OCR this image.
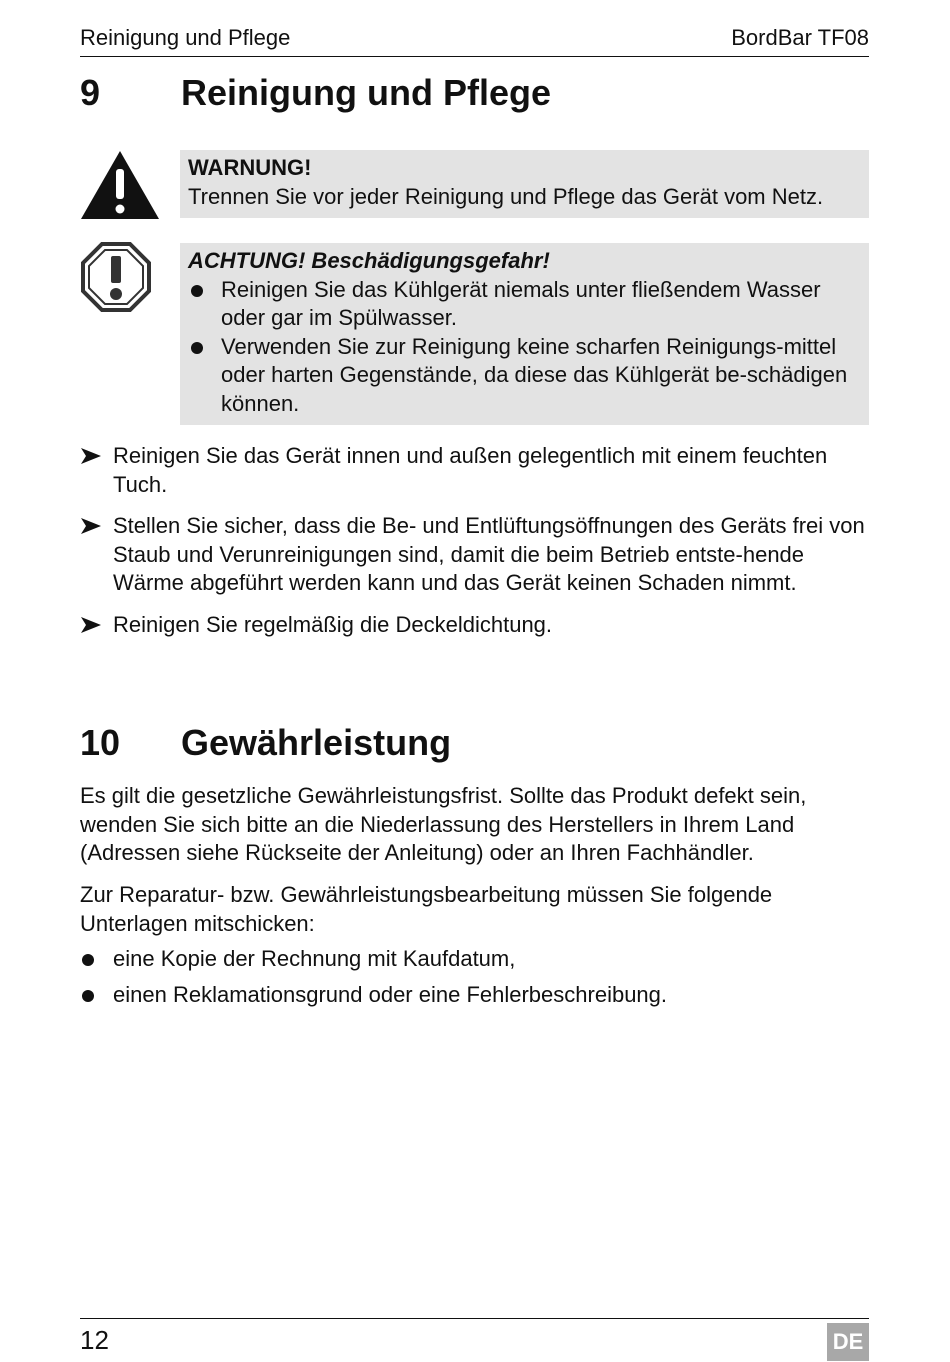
Reinigung und Pflege	BordBar TF08
9 Reinigung und Pflege
WARNUNG!
Trennen Sie vor jeder Reinigung und Pflege das Gerät vom Netz.
ACHTUNG! Beschädigungsgefahr!
Reinigen Sie das Kühlgerät niemals unter fließendem Wasser oder gar im Spülwasser.
Verwenden Sie zur Reinigung keine scharfen Reinigungs-mittel oder harten Gegenstände, da diese das Kühlgerät be-schädigen können.
Reinigen Sie das Gerät innen und außen gelegentlich mit einem feuchten Tuch.
Stellen Sie sicher, dass die Be- und Entlüftungsöffnungen des Geräts frei von Staub und Verunreinigungen sind, damit die beim Betrieb entste-hende Wärme abgeführt werden kann und das Gerät keinen Schaden nimmt.
Reinigen Sie regelmäßig die Deckeldichtung.
10 Gewährleistung

Es gilt die gesetzliche Gewährleistungsfrist. Sollte das Produkt defekt sein, wenden Sie sich bitte an die Niederlassung des Herstellers in Ihrem Land (Adressen siehe Rückseite der Anleitung) oder an Ihren Fachhändler.

Zur Reparatur- bzw. Gewährleistungsbearbeitung müssen Sie folgende Unterlagen mitschicken:

eine Kopie der Rechnung mit Kaufdatum,
einen Reklamationsgrund oder eine Fehlerbeschreibung.
12	DE
